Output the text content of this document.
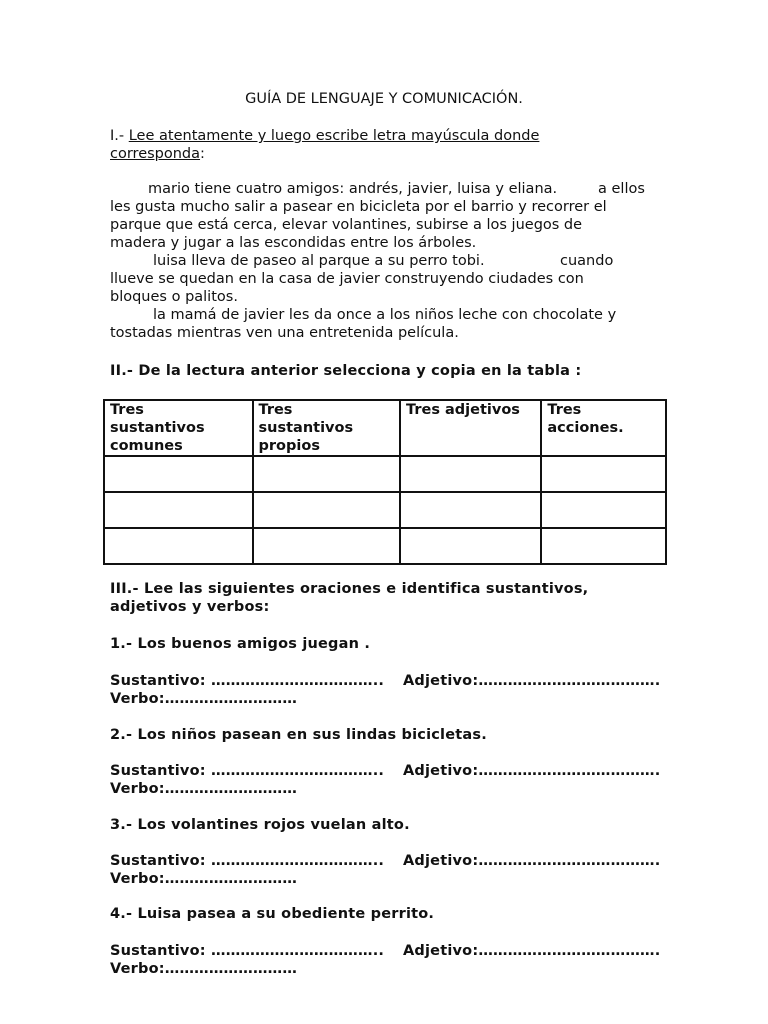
GUÍA DE LENGUAJE Y COMUNICACIÓN.
I.- Lee atentamente y luego escribe letra mayúscula donde
corresponda:
mario tiene cuatro amigos: andrés, javier, luisa y eliana.	a ellos
les gusta mucho salir a pasear en bicicleta por el barrio y recorrer el
parque que está cerca, elevar volantines, subirse a los juegos de
madera y jugar a las escondidas entre los árboles.
luisa lleva de paseo al parque a su perro tobi.	cuando
llueve se quedan en la casa de javier construyendo ciudades con
bloques o palitos.
la mamá de javier les da once a los niños leche con chocolate y
tostadas mientras ven una entretenida película.
II.- De la lectura anterior selecciona y copia en la tabla :
Tres
sustantivos
comunes	Tres
sustantivos
propios	Tres adjetivos	Tres
acciones.

III.- Lee las siguientes oraciones e identifica sustantivos,
adjetivos y verbos:
1.- Los buenos amigos juegan .
Sustantivo: …………………………….. Adjetivo:……………………………….
Verbo:………………………
2.- Los niños pasean en sus lindas bicicletas.
Sustantivo: …………………………….. Adjetivo:……………………………….
Verbo:………………………
3.- Los volantines rojos vuelan alto.
Sustantivo: …………………………….. Adjetivo:……………………………….
Verbo:………………………
4.- Luisa pasea a su obediente perrito.
Sustantivo: …………………………….. Adjetivo:……………………………….
Verbo:………………………
